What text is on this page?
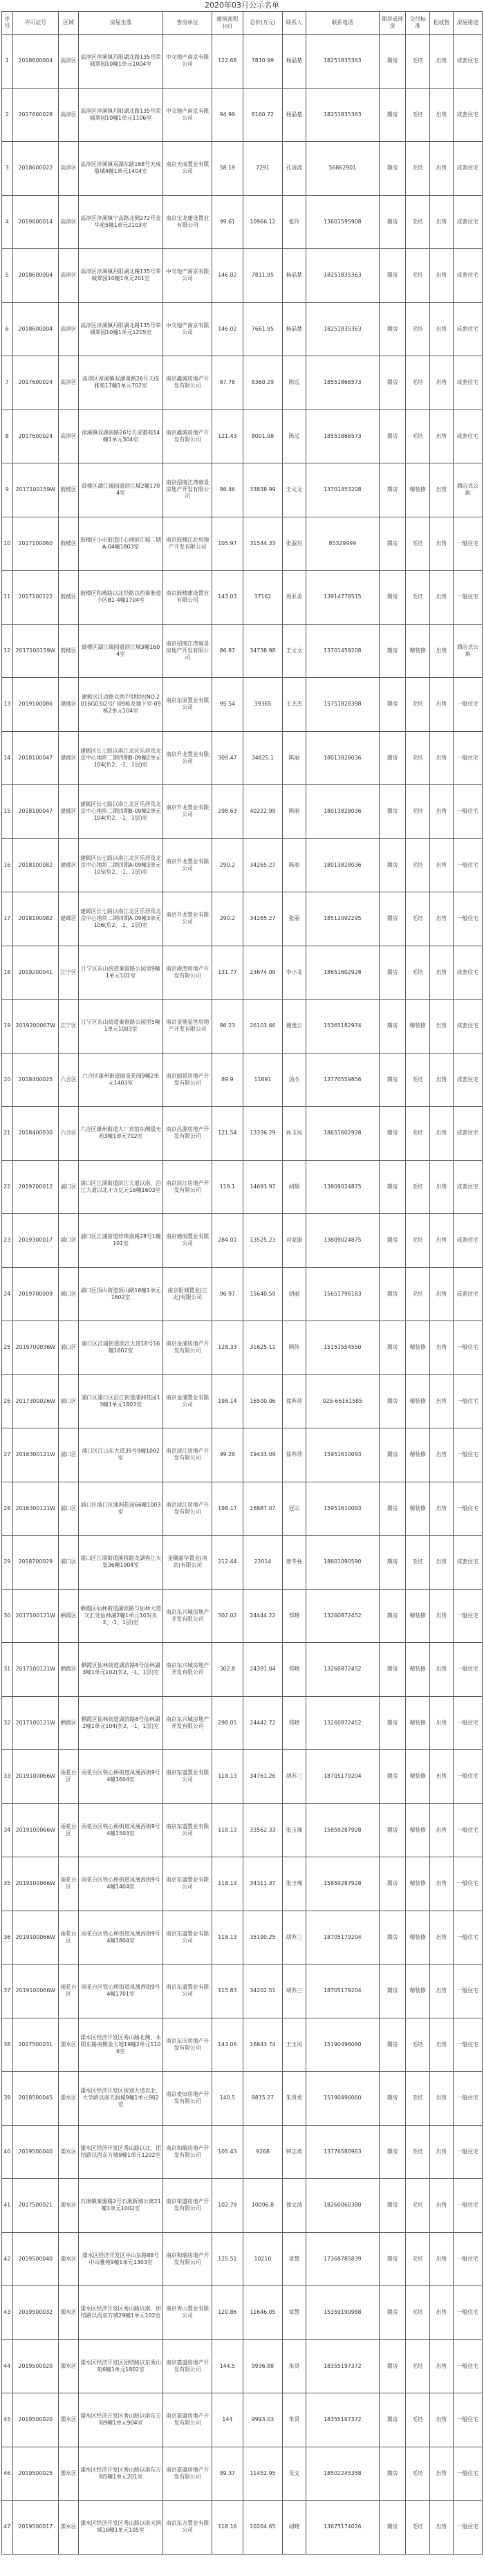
2020年03月公示名单
序号	许可证号	区域	房屋坐落	售房单位	建筑面积(㎡)	总价(万元)	联系人	联系电话	期房或现房	交付标准	租或售	房屋用途
1	2018600004	高淳区	高淳区淳溪镇丹阳湖北路135号荣城翠园10幢1单元1004室	中交地产南京有限公司	122.68	7810.99	杨晶楚	18251835363	期房	毛坯	出售	成套住宅
2	2017600028	高淳区	高淳区淳溪镇丹阳湖北路135号荣城翠园10幢1单元1106室	中交地产南京有限公司	94.99	8160.72	杨晶楚	18251835363	期房	毛坯	出售	成套住宅
3	2018600022	高淳区	高淳区淳溪镇双湖东路168号天成鼎城4幢1单元1404室	南京天成置业有限公司	58.19	7291	孔凌波	56862901	期房	毛坯	出售	成套住宅
4	2019600014	高淳区	高淳区淳溪镇宁高路北侧272号金华苑5幢1单元2103室	南京宝龙建设置业有限公司	99.61	10966.12	张玲	13601595908	期房	毛坯	出售	成套住宅
5	2018600004	高淳区	高淳区淳溪镇丹阳湖北路135号荣城翠园10幢1单元201室	中交地产南京有限公司	146.02	7811.95	杨晶楚	18251835363	期房	毛坯	出售	成套住宅
6	2018600004	高淳区	高淳区淳溪镇丹阳湖北路135号荣城翠园10幢1单元1205室	中交地产南京有限公司	146.02	7661.95	杨晶楚	18251835363	期房	毛坯	出售	成套住宅
7	2017600024	高淳区	高淳区淳溪镇双湖南路26号天成雅苑17幢1单元702室	南京鑫城房地产开发有限公司	67.76	8360.29	陈远	18551866573	期房	毛坯	出售	成套住宅
8	2017600024	高淳区	淳溪镇双湖南路26号天成雅苑14幢1单元304室	南京鑫城房地产开发有限公司	121.43	8001.98	陈远	18551866573	期房	毛坯	出售	成套住宅
9	2017100159W	鼓楼区	鼓楼区湖江瑞园道滨江城2幢1704室	南京招商江湾雍景房地产开发有限公司	86.46	33838.99	王文文	13701453208	期房	精装修	出售	酒店式公寓
10	2017100060	鼓楼区	鼓楼区小市街道江心洲滨江城二期A-04幢1803室	南京鼓楼江北房地产开发有限公司	105.97	31544.33	张淑肖	85329999	期房	毛坯	出售	一般住宅
11	2017100122	鼓楼区	鼓楼区和燕路以北经路以西秦淮道小区B1-4幢1704室	南京鼓楼建设置业有限公司	143.03	37162	周亚美	13914778515	期房	毛坯	出售	一般住宅
12	2017100159W	鼓楼区	鼓楼区湖江瑞园道滨江城3幢1604室	南京招商江湾雍景房地产开发有限公司	86.87	34738.98	王文文	13701459208	期房	精装修	出售	酒店式公寓
13	2019100086	建邺区	建邺区江边路以西7号地块(NO.2016G03)2号门09栋及地下室-09栋2单元104室	南京东原置业有限公司	95.54	39365	王杰杰	15751828398	期房	毛坯	出售	一般住宅
14	2018100047	建邺区	建邺区长七路以南江北区乐居及北京中心地块二期四期B-09幢2单元104(负2、-1、1层)室	南京升龙置业有限公司	309.47	34825.1	陈丽	18013828036	期房	毛坯	出售	一般住宅
15	2018100047	建邺区	建邺区长七路以南江北区乐居及北京中心地块二期四期B-09幢2单元104(负2、-1、1层)室	南京升龙置业有限公司	298.63	40222.99	陈丽	18013828036	期房	毛坯	出售	一般住宅
16	2018100082	建邺区	建邺区长七路以南江北区乐居及北京中心地块二期四期A-09幢3单元105(负2、-1、1层)室	南京升龙置业有限公司	290.2	34265.27	陈丽	18013828036	期房	毛坯	出售	一般住宅
17	2018100082	建邺区	建邺区长七路以南江北区乐居及北京中心地块二期四期A-09幢3单元106(负2、-1、1层)室	南京升龙置业有限公司	290.2	34265.27	张丽	18512092295	期房	毛坯	出售	一般住宅
18	2019200041	江宁区	江宁区东山街道秦淮路公园里9幢1单元101室	南京港湾房地产开发有限公司	131.77	23674.09	李小龙	18651602928	期房	毛坯	出售	成套住宅
19	2019200067W	江宁区	江宁区东山街道秦淮路公园里5幢1单元1003室	南京金地星世房地产开发有限公司	86.23	26103.66	谢逸云	15365182974	期房	精装修	出售	成套住宅
20	2018400025	六合区	六合区雄州街道丽景花园9幢2单元1403室	南京丽景房地产开发有限公司	89.9	11891	汤杰	13770559856	期房	毛坯	出售	成套住宅
21	2018400030	六合区	六合区雄州街道大厂宾馆东侧晨光苑3幢1单元702室	南京昌源房地产开发有限公司	121.54	13336.29	孙玉凤	18651602928	期房	毛坯	出售	成套住宅
22	2019700012	浦口区	浦口区江浦街道滨江大道以南、沿江大道以北十九亿元16幢1603室	南京滨江房地产开发有限公司	119.1	14693.97	胡翔	13809024875	期房	毛坯	出售	成套住宅
23	2019300017	浦口区	浦口区江浦街道珍珠南路28号1幢101室	南京德润置业有限公司	284.01	13525.23	司家康	13809024875	期房	毛坯	出售	成套住宅
24	2019700009	浦口区	浦口区顶山街道顶山路16幢1单元1602室	南京银城置业(江北)有限公司	96.97	15640.59	胡丽	15651798183	期房	毛坯	出售	成套住宅
25	2019700036W	浦口区	浦口区江浦街道滨江大道18号16幢1602室	南京金浦房地产开发有限公司	128.33	31625.11	顾伟	15151554550	期房	精装修	出售	一般住宅
26	2017300026W	浦口区	浦口区浦口区沿江街道浦洲花园13幢1单元1803室	南京金浦置业有限公司	198.14	16500.06	徐苏苏	025-66161585	期房	精装修	出售	一般住宅
27	2016300121W	浦口区	浦口区江山东大道39号9幢1002室	南京清江房地产开发有限公司	99.26	19433.09	徐苏苏	15951610093	期房	精装修	出售	一般住宅
28	2016300121W	浦口区	浦口区浦口区浦洲花园66幢1003室	南京清江房地产开发有限公司	198.17	16887.07	冠宗	15951610093	期房	精装修	出售	一般住宅
29	2018700029	浦口区	浦口区江浦街道溪桥路龙湖春江天玺36幢1904室	金隅嘉华置业(南京)有限公司	212.44	22014	唐冬柱	18601090590	期房	毛坯	出售	成套住宅
30	2017100121W	栖霞区	栖霞区仙林街道湖滨路与仙林大道交汇处仙林湖2幢1单元103(负2、-1、1层)室	南京东兴城房地产开发有限公司	302.02	24444.22	郑晴	13260872452	期房	精装修	出售	一般住宅
31	2017100121W	栖霞区	栖霞区仙林街道湖滨路8号仙林湖3幢1单元102(负2、-1、1层)室	南京东兴城房地产开发有限公司	302.8	24391.04	郑晴	13260872452	期房	精装修	出售	一般住宅
32	2017100121W	栖霞区	栖霞区仙林街道湖滨路8号仙林湖2幢1单元104(负2、-1、1层)室	南京东兴城房地产开发有限公司	298.05	24442.72	郑晴	13260872452	期房	精装修	出售	一般住宅
33	2019100066W	雨花台区	雨花台区铁心桥街道凤凰西街9号4幢1604室	南京东盛置业有限公司	118.13	34761.26	胡苏三	18705179204	期房	精装修	出售	一般住宅
34	2019100066W	雨花台区	雨花台区铁心桥街道凤凰西街9号4幢1503室	南京东盛置业有限公司	118.13	33562.33	张玉瑾	15859287928	期房	精装修	出售	一般住宅
35	2019100066W	雨花台区	雨花台区铁心桥街道凤凰西街9号4幢1404室	南京东盛置业有限公司	118.13	34311.37	张玉瑾	15859287928	期房	精装修	出售	一般住宅
36	2019100066W	雨花台区	雨花台区铁心桥街道凤凰西街9号4幢1804室	南京东盛置业有限公司	118.13	35190.25	胡苏三	18705179204	期房	精装修	出售	一般住宅
37	2019100066W	雨花台区	雨花台区铁心桥街道凤凰西街9号4幢1701室	南京东盛置业有限公司	115.83	34202.51	胡苏三	18705179204	期房	精装修	出售	一般住宅
38	2017500031	溧水区	溧水区经济开发区秀山路北侧、永阳东路南侧金大地19幢2单元1106室	南京东庆房地产开发有限公司	143.06	16643.74	王玉凤	15190496060	期房	毛坯	出售	一般住宅
39	2018500045	溧水区	溧水区经济开发区规划大道以北、大学路以南天润城9幢1单元902室	南京麦田房地产开发有限公司	140.5	9815.27	朱贤勇	15190496060	期房	毛坯	出售	一般住宅
40	2019500040	溧水区	溧水区经济开发区秀山路以北、团结路以西东方城9幢1单元1202室	南京和瑞房地产开发有限公司	105.43	9268	韩志勇	13776580963	期房	毛坯	出售	一般住宅
41	2017500021	溧水区	石湫镇秦源路2号石湫新城公寓21幢1单元1002室	南京荣盛房地产开发有限公司	102.78	10096.8	徐文清	18260060380	期房	毛坯	出售	一般住宅
42	2019500040	溧水区	溧水区经济开发区中山东路88号中山雅苑9幢1单元1303室	南京和瑞房地产开发有限公司	125.51	10210	章慧	17368785839	期房	毛坯	出售	一般住宅
43	2019500032	溧水区	溧水区经济开发区秀山路以南、团结路以西东方城29幢1单元102室	南京秀山置业有限公司	120.86	11646.05	章慧	15359190988	期房	毛坯	出售	一般住宅
44	2019500020	溧水区	溧水区经济开发区团结路以东秀山苑6幢1单元1802室	南京嘉盛房地产开发有限公司	144.5	9936.88	朱贤	18355197372	期房	毛坯	出售	一般住宅
45	2019500020	溧水区	溧水区经济开发区秀山路以南东方苑9幢1单元904室	南京嘉盛房地产开发有限公司	144	9993.03	朱贤	18355197372	期房	毛坯	出售	一般住宅
46	2019500025	溧水区	溧水区经济开发区秀山路以南东方苑5幢1单元201室	南京嘉盛房地产开发有限公司	89.37	11452.95	吴文	18502245358	期房	毛坯	出售	一般住宅
47	2019500017	溧水区	溧水区经济开发区秀山路以南天润城16幢1单元105室	南京东方置业有限公司	118.16	10264.65	胡晴	13675174026	期房	毛坯	出售	一般住宅
